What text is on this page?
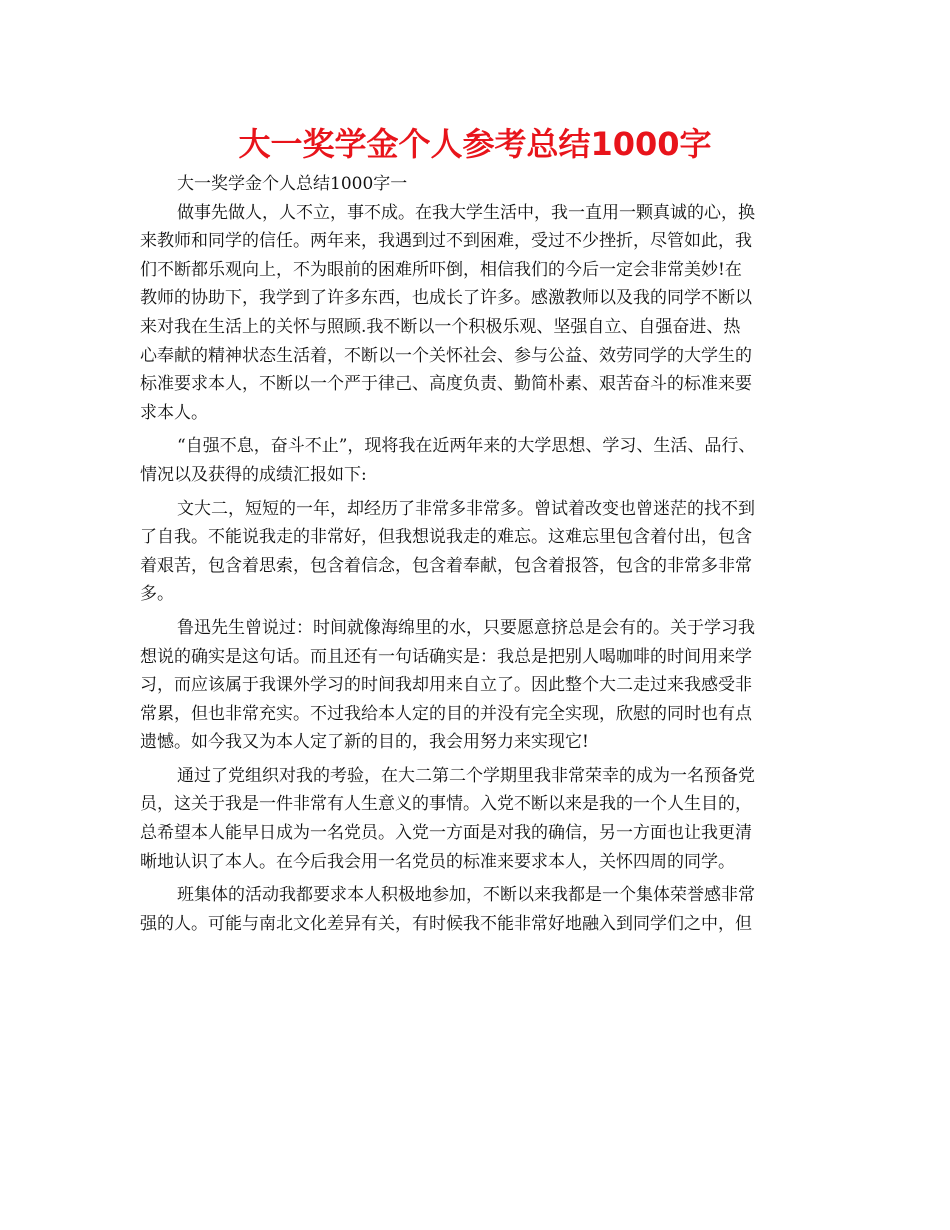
大一奖学金个人参考总结1000字
大一奖学金个人总结1000字一
做事先做人，人不立，事不成。在我大学生活中，我一直用一颗真诚的心，换
来教师和同学的信任。两年来，我遇到过不到困难，受过不少挫折，尽管如此，我
们不断都乐观向上，不为眼前的困难所吓倒，相信我们的今后一定会非常美妙!在
教师的协助下，我学到了许多东西，也成长了许多。感激教师以及我的同学不断以
来对我在生活上的关怀与照顾.我不断以一个积极乐观、坚强自立、自强奋进、热
心奉献的精神状态生活着，不断以一个关怀社会、参与公益、效劳同学的大学生的
标准要求本人，不断以一个严于律己、高度负责、勤简朴素、艰苦奋斗的标准来要
求本人。
“自强不息，奋斗不止”，现将我在近两年来的大学思想、学习、生活、品行、
情况以及获得的成绩汇报如下:
文大二，短短的一年，却经历了非常多非常多。曾试着改变也曾迷茫的找不到
了自我。不能说我走的非常好，但我想说我走的难忘。这难忘里包含着付出，包含
着艰苦，包含着思索，包含着信念，包含着奉献，包含着报答，包含的非常多非常
多。
鲁迅先生曾说过：时间就像海绵里的水，只要愿意挤总是会有的。关于学习我
想说的确实是这句话。而且还有一句话确实是：我总是把别人喝咖啡的时间用来学
习，而应该属于我课外学习的时间我却用来自立了。因此整个大二走过来我感受非
常累，但也非常充实。不过我给本人定的目的并没有完全实现，欣慰的同时也有点
遗憾。如今我又为本人定了新的目的，我会用努力来实现它!
通过了党组织对我的考验，在大二第二个学期里我非常荣幸的成为一名预备党
员，这关于我是一件非常有人生意义的事情。入党不断以来是我的一个人生目的，
总希望本人能早日成为一名党员。入党一方面是对我的确信，另一方面也让我更清
晰地认识了本人。在今后我会用一名党员的标准来要求本人，关怀四周的同学。
班集体的活动我都要求本人积极地参加，不断以来我都是一个集体荣誉感非常
强的人。可能与南北文化差异有关，有时候我不能非常好地融入到同学们之中，但
